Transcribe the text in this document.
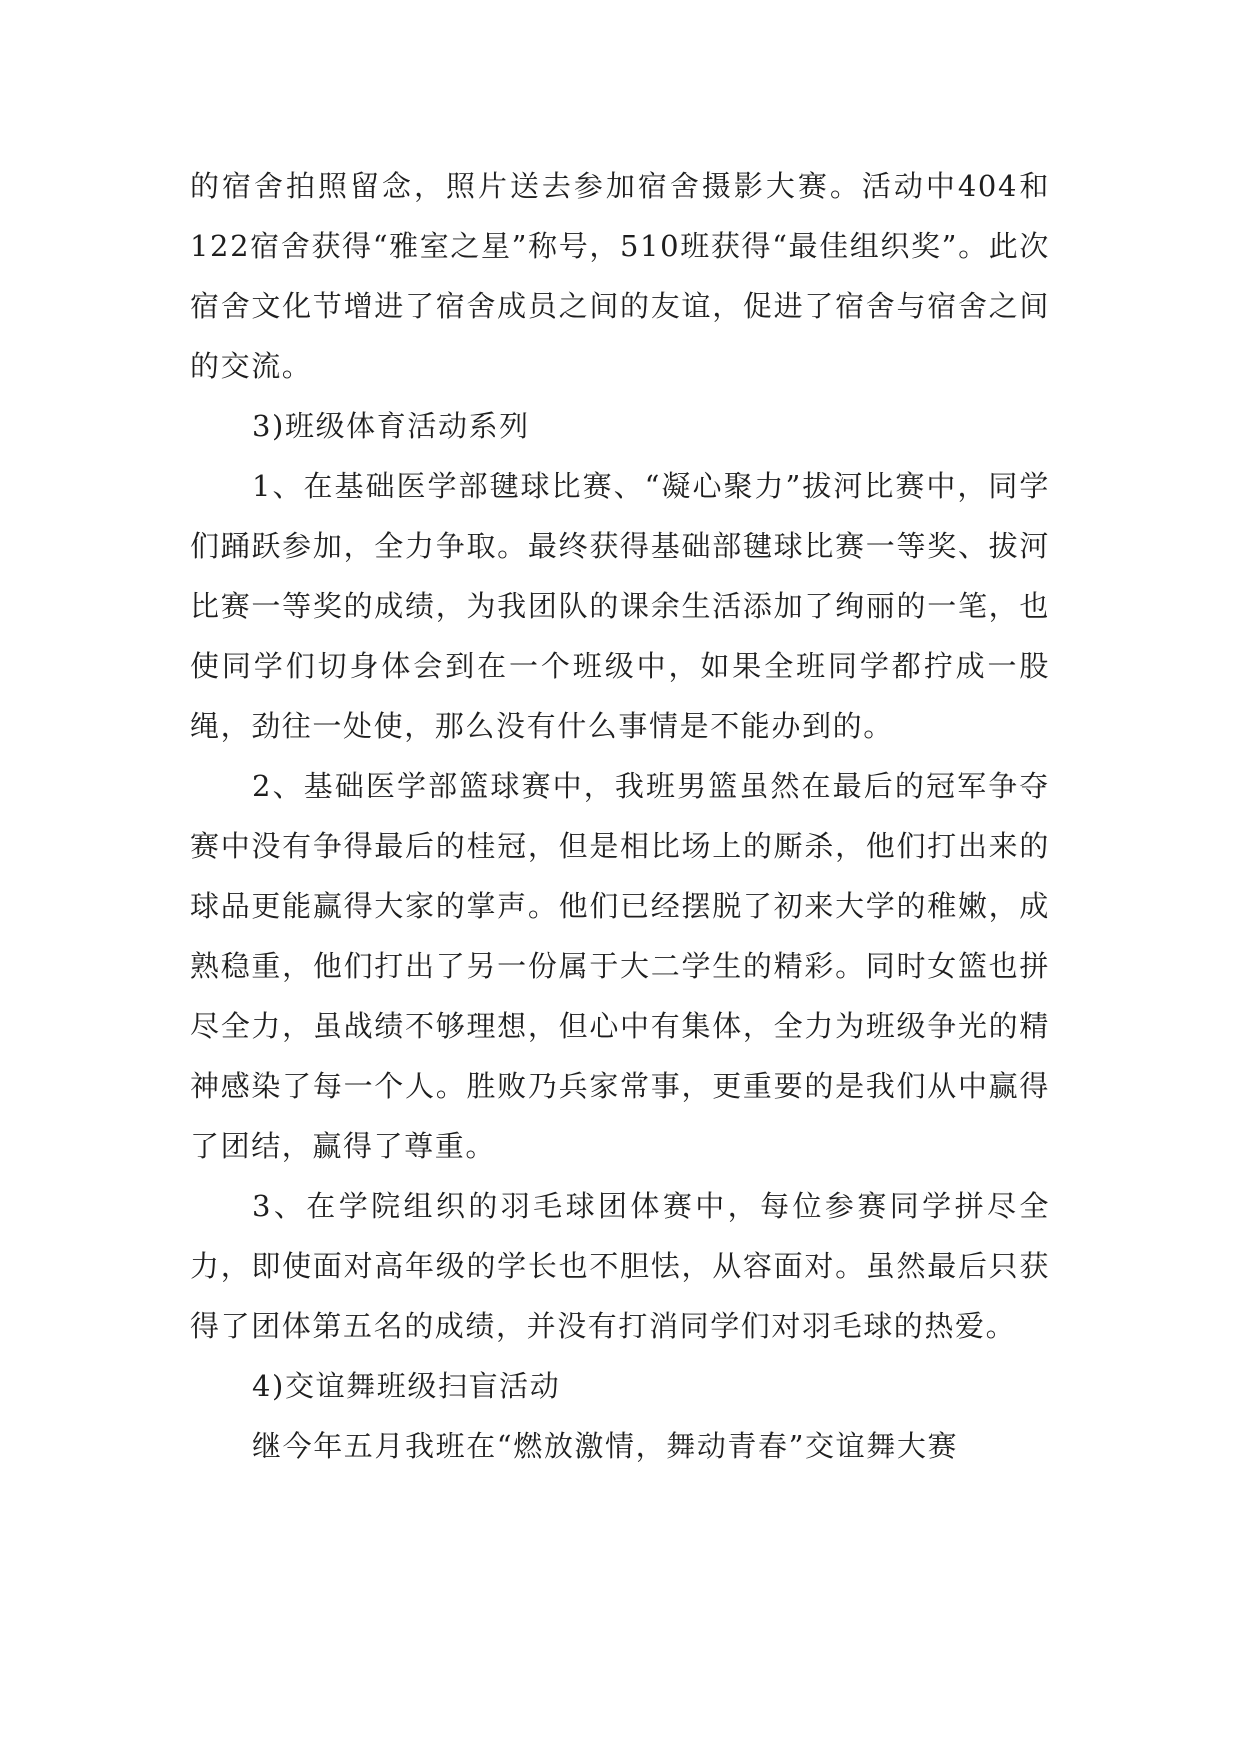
的宿舍拍照留念，照片送去参加宿舍摄影大赛。活动中404和122宿舍获得“雅室之星”称号，510班获得“最佳组织奖”。此次宿舍文化节增进了宿舍成员之间的友谊，促进了宿舍与宿舍之间的交流。

3)班级体育活动系列

1、在基础医学部毽球比赛、“凝心聚力”拔河比赛中，同学们踊跃参加，全力争取。最终获得基础部毽球比赛一等奖、拔河比赛一等奖的成绩，为我团队的课余生活添加了绚丽的一笔，也使同学们切身体会到在一个班级中，如果全班同学都拧成一股绳，劲往一处使，那么没有什么事情是不能办到的。

2、基础医学部篮球赛中，我班男篮虽然在最后的冠军争夺赛中没有争得最后的桂冠，但是相比场上的厮杀，他们打出来的球品更能赢得大家的掌声。他们已经摆脱了初来大学的稚嫩，成熟稳重，他们打出了另一份属于大二学生的精彩。同时女篮也拼尽全力，虽战绩不够理想，但心中有集体，全力为班级争光的精神感染了每一个人。胜败乃兵家常事，更重要的是我们从中赢得了团结，赢得了尊重。

3、在学院组织的羽毛球团体赛中，每位参赛同学拼尽全力，即使面对高年级的学长也不胆怯，从容面对。虽然最后只获得了团体第五名的成绩，并没有打消同学们对羽毛球的热爱。

4)交谊舞班级扫盲活动

继今年五月我班在“燃放激情，舞动青春”交谊舞大赛
